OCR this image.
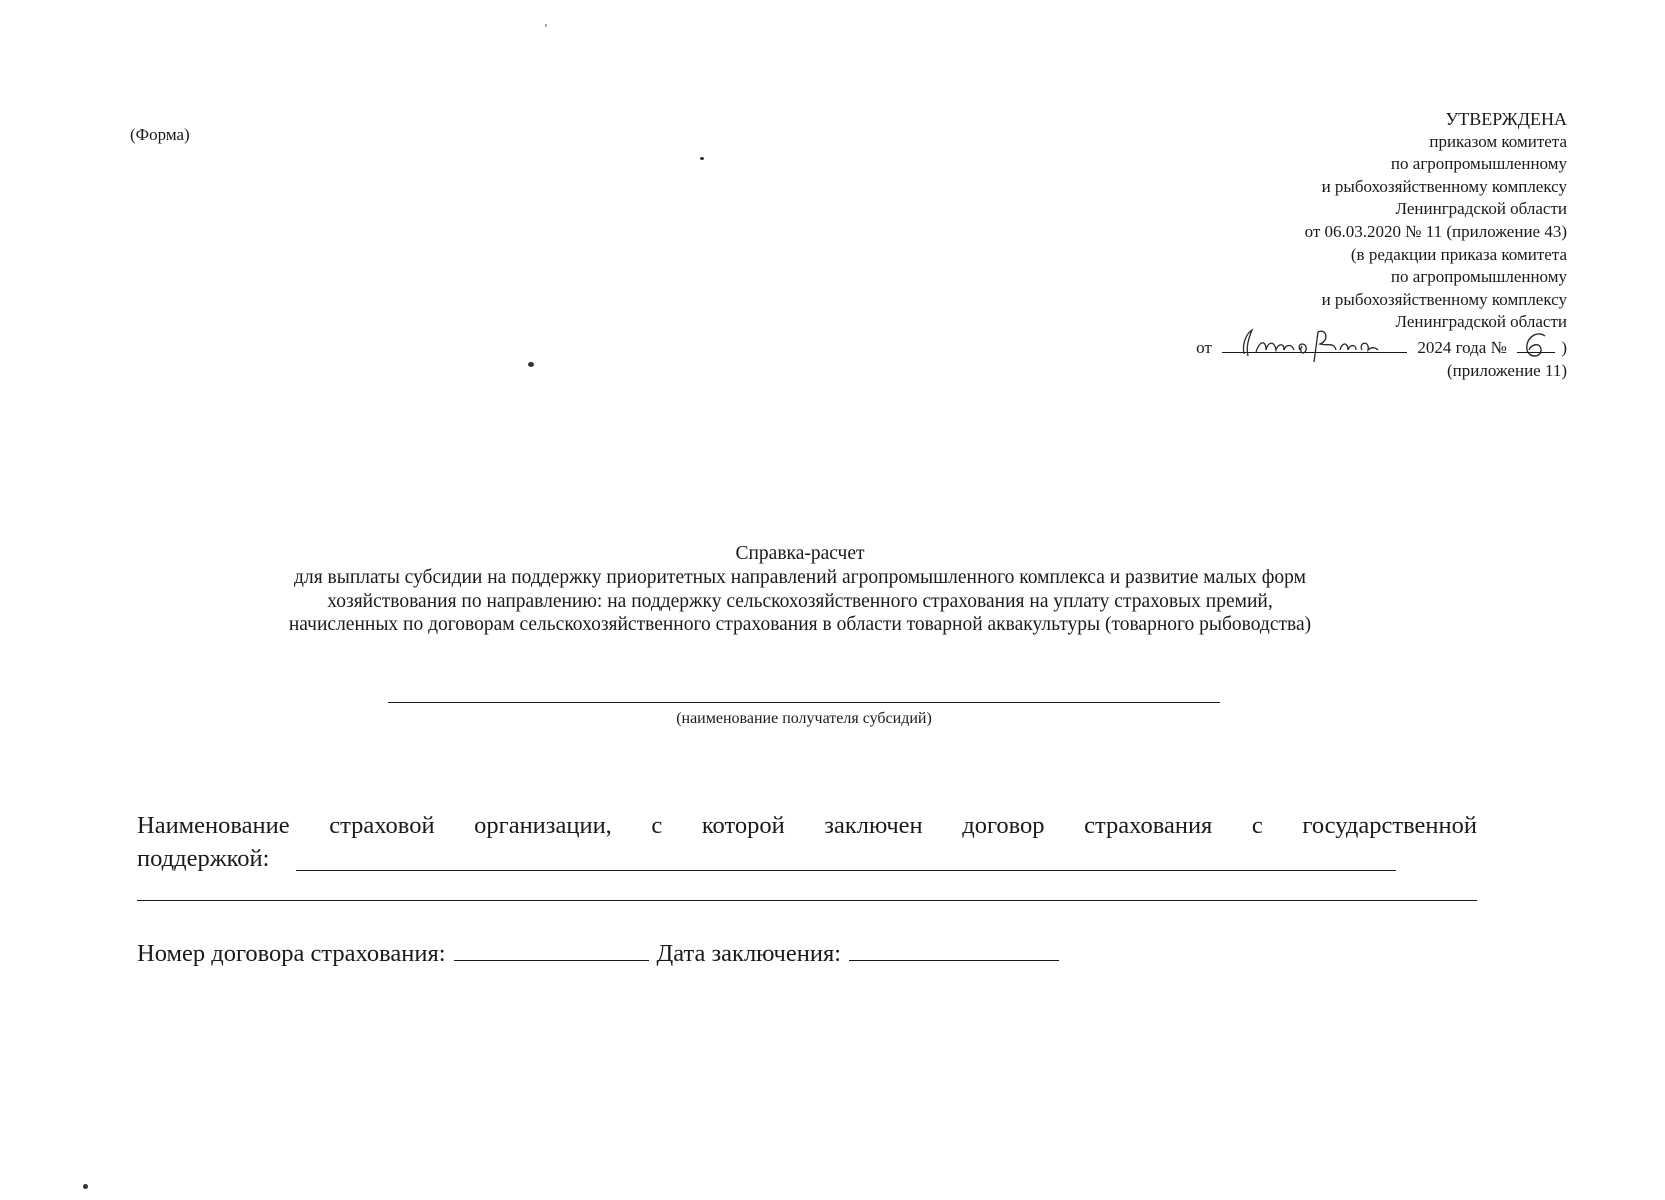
(Форма)
УТВЕРЖДЕНА
приказом комитета
по агропромышленному
и рыбохозяйственному комплексу
Ленинградской области
от 06.03.2020 № 11 (приложение 43)
(в редакции приказа комитета
по агропромышленному
и рыбохозяйственному комплексу
Ленинградской области
от	2024 года №	)
(приложение 11)
Справка-расчет
для выплаты субсидии на поддержку приоритетных направлений агропромышленного комплекса и развитие малых форм
хозяйствования по направлению: на поддержку сельскохозяйственного страхования на уплату страховых премий,
начисленных по договорам сельскохозяйственного страхования в области товарной аквакультуры (товарного рыбоводства)
(наименование получателя субсидий)
Наименование страховой организации, с которой заключен договор страхования с государственной
поддержкой:
Номер договора страхования:	Дата заключения:
